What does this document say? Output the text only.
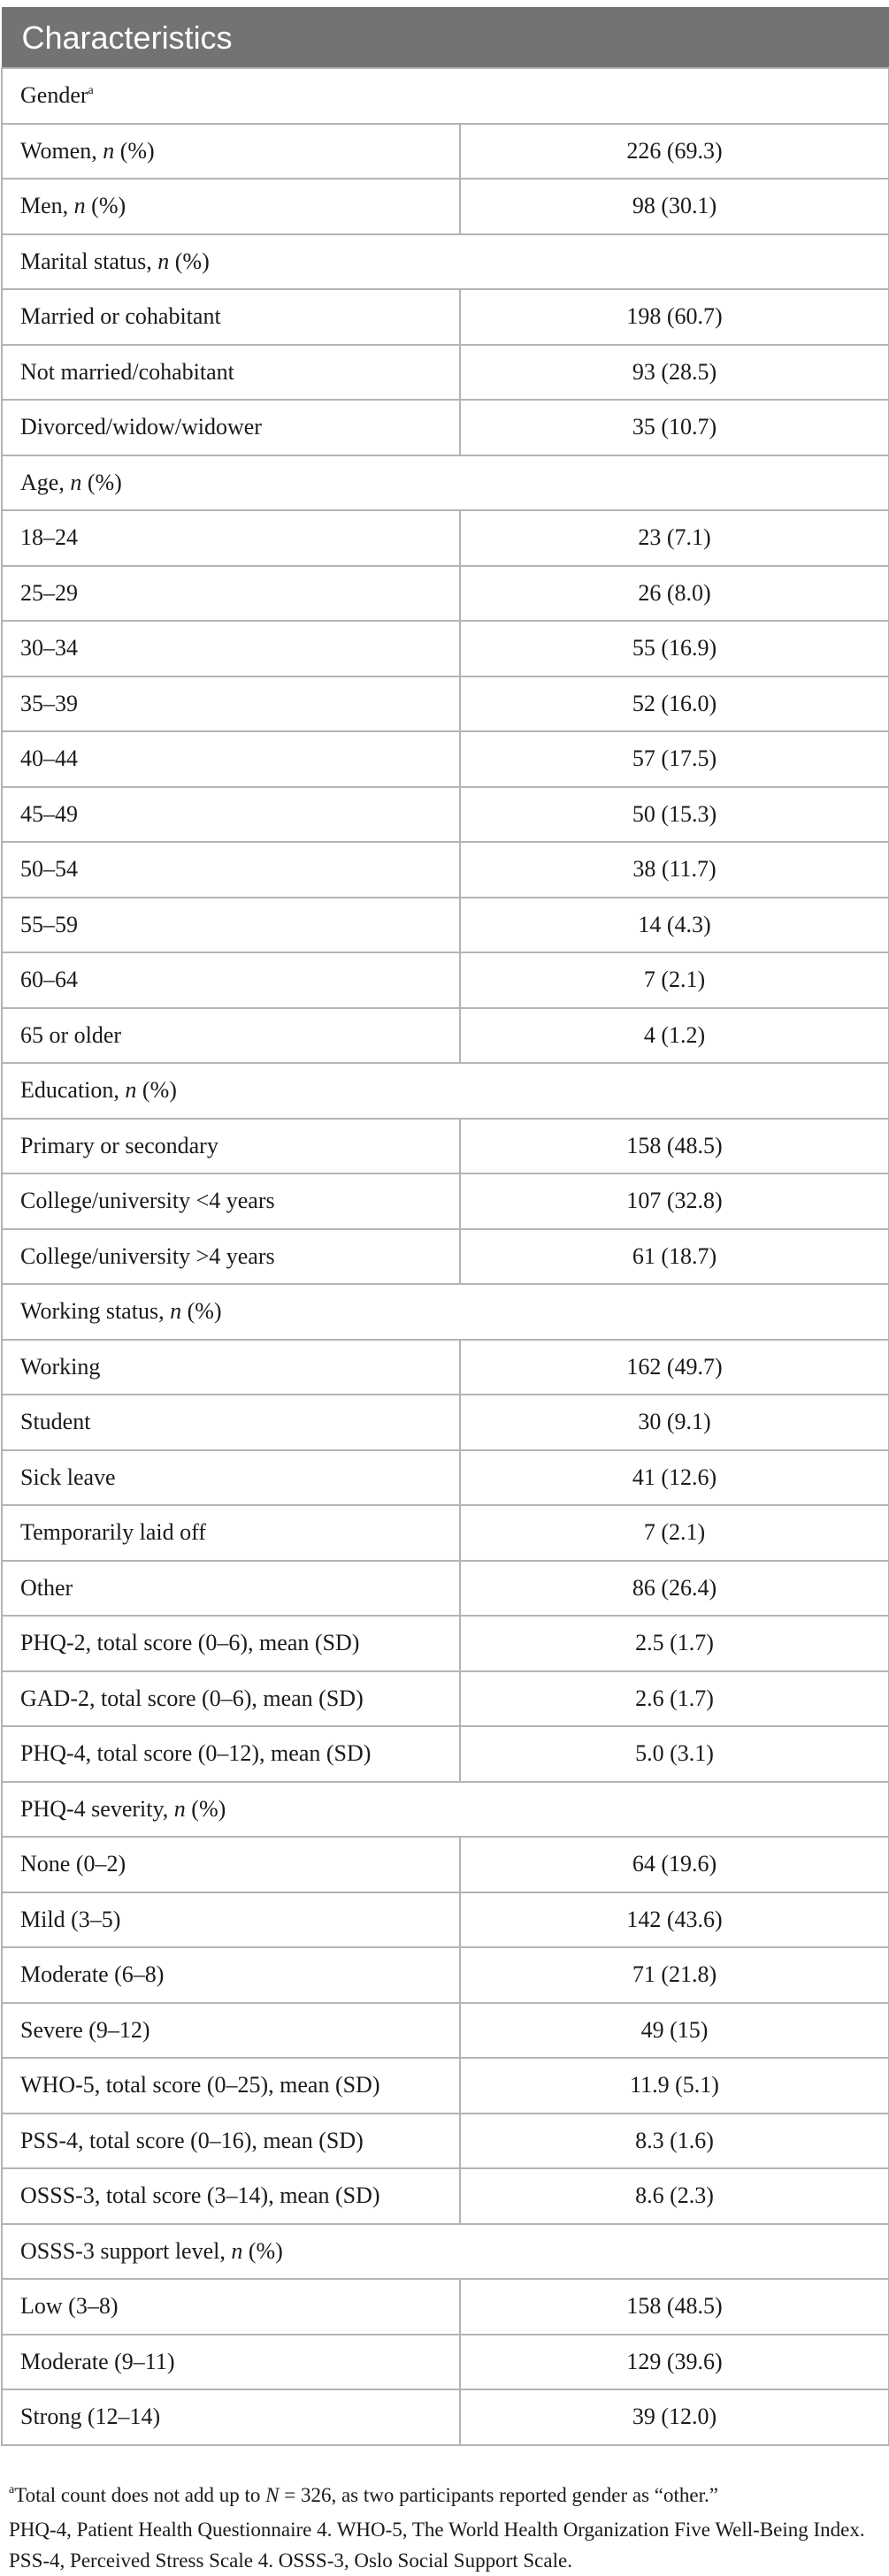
Characteristics	
Gender$^a$
Women, n (%)	226 (69.3)
Men, n (%)	98 (30.1)
Marital status, n (%)	
Married or cohabitant	198 (60.7)
Not married/cohabitant	93 (28.5)
Divorced/widow/widower	35 (10.7)
Age, n (%)	
18–24	23 (7.1)
25–29	26 (8.0)
30–34	55 (16.9)
35–39	52 (16.0)
40–44	57 (17.5)
45–49	50 (15.3)
50–54	38 (11.7)
55–59	14 (4.3)
60–64	7 (2.1)
65 or older	4 (1.2)
Education, n (%)	
Primary or secondary	158 (48.5)
College/university <4 years	107 (32.8)
College/university >4 years	61 (18.7)
Working status, n (%)	
Working	162 (49.7)
Student	30 (9.1)
Sick leave	41 (12.6)
Temporarily laid off	7 (2.1)
Other	86 (26.4)
PHQ-2, total score (0–6), mean (SD)	2.5 (1.7)
GAD-2, total score (0–6), mean (SD)	2.6 (1.7)
PHQ-4, total score (0–12), mean (SD)	5.0 (3.1)
PHQ-4 severity, n (%)	
None (0–2)	64 (19.6)
Mild (3–5)	142 (43.6)
Moderate (6–8)	71 (21.8)
Severe (9–12)	49 (15)
WHO-5, total score (0–25), mean (SD)	11.9 (5.1)
PSS-4, total score (0–16), mean (SD)	8.3 (1.6)
OSSS-3, total score (3–14), mean (SD)	8.6 (2.3)
OSSS-3 support level, n (%)	
Low (3–8)	158 (48.5)
Moderate (9–11)	129 (39.6)
Strong (12–14)	39 (12.0)

$^a$Total count does not add up to N = 326, as two participants reported gender as “other.”

PHQ-4, Patient Health Questionnaire 4. WHO-5, The World Health Organization Five Well-Being Index. PSS-4, Perceived Stress Scale 4. OSSS-3, Oslo Social Support Scale.
